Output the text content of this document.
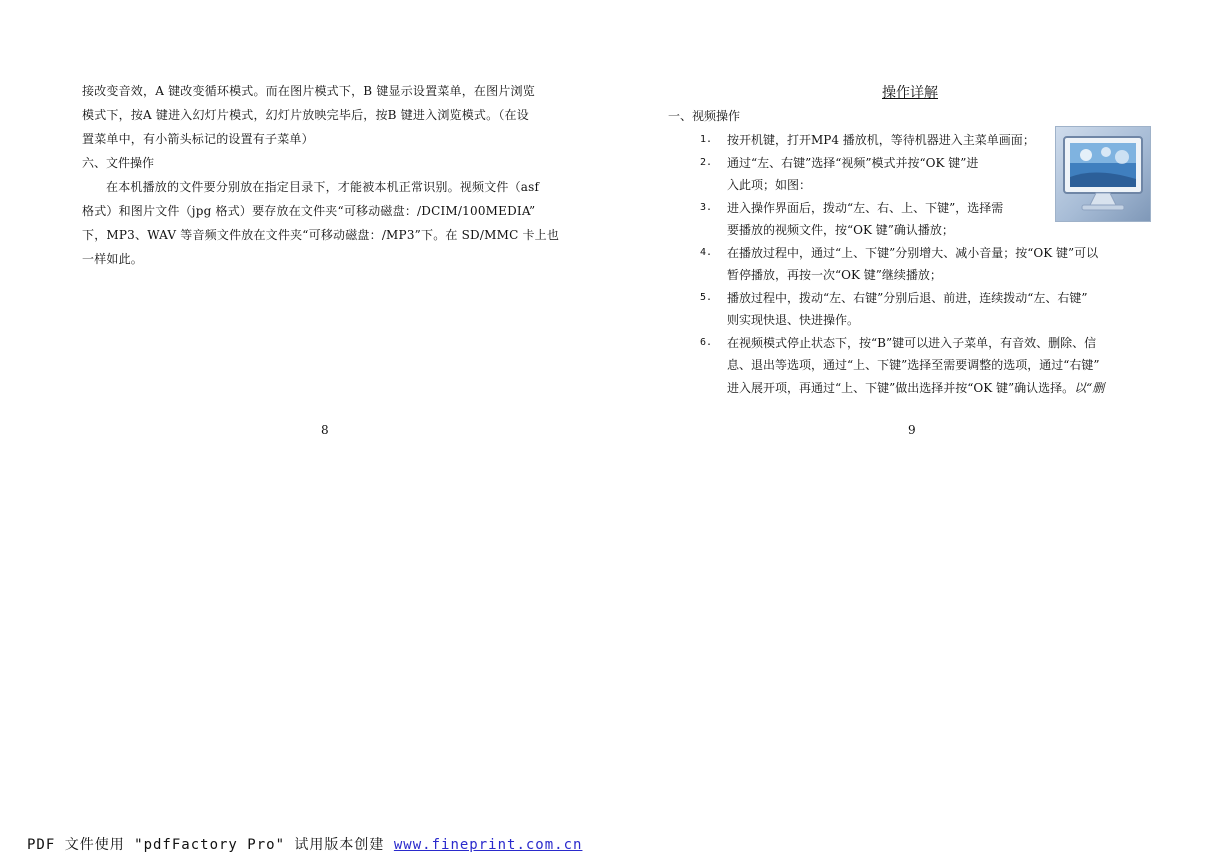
接改变音效，A 键改变循环模式。而在图片模式下，B 键显示设置菜单，在图片浏览

模式下，按A 键进入幻灯片模式，幻灯片放映完毕后，按B 键进入浏览模式。（在设

置菜单中，有小箭头标记的设置有子菜单）

六、文件操作

在本机播放的文件要分别放在指定目录下，才能被本机正常识别。视频文件（asf

格式）和图片文件（jpg 格式）要存放在文件夹“可移动磁盘：/DCIM/100MEDIA”

下，MP3、WAV 等音频文件放在文件夹“可移动磁盘：/MP3”下。在 SD/MMC 卡上也

一样如此。

8

操作详解

一、视频操作

1. 按开机键，打开MP4 播放机，等待机器进入主菜单画面；
2. 通过“左、右键”选择“视频”模式并按“OK 键”进
入此项；如图：
3. 进入操作界面后，拨动“左、右、上、下键”，选择需
要播放的视频文件，按“OK 键”确认播放；
4. 在播放过程中，通过“上、下键”分别增大、减小音量；按“OK 键”可以
暂停播放，再按一次“OK 键”继续播放；
5. 播放过程中，拨动“左、右键”分别后退、前进，连续拨动“左、右键”
则实现快退、快进操作。
6. 在视频模式停止状态下，按“B”键可以进入子菜单，有音效、删除、信
息、退出等选项，通过“上、下键”选择至需要调整的选项，通过“右键”
进入展开项，再通过“上、下键”做出选择并按“OK 键”确认选择。以“删
9
PDF 文件使用 "pdfFactory Pro" 试用版本创建 www.fineprint.com.cn
